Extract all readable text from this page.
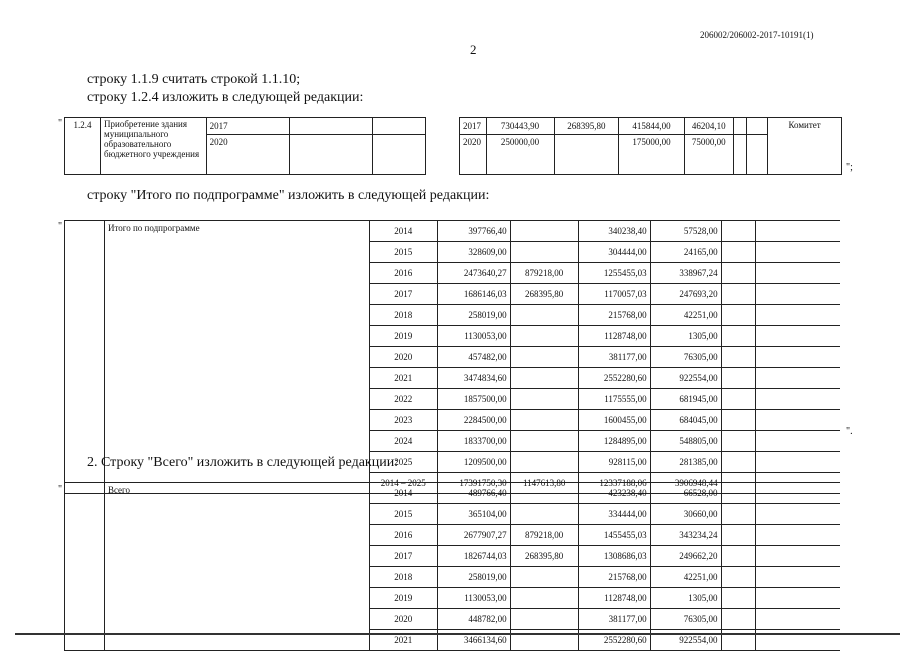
206002/206002-2017-10191(1)
2
строку 1.1.9 считать строкой 1.1.10;
строку 1.2.4 изложить в следующей редакции:
" 1.2.4	Приобретение здания муниципального образовательного бюджетного учреждения	2017				2017	730443,90	268395,80	415844,00	46204,10			Комитет
		2020				2020	250000,00		175000,00	75000,00			
";
строку "Итого по подпрограмме" изложить в следующей редакции:
"
		Итого по подпрограмме	2014	397766,40		340238,40	57528,00		
		2015	328609,00		304444,00	24165,00		
		2016	2473640,27	879218,00	1255455,03	338967,24		
		2017	1686146,03	268395,80	1170057,03	247693,20		
		2018	258019,00		215768,00	42251,00		
		2019	1130053,00		1128748,00	1305,00		
		2020	457482,00		381177,00	76305,00		
		2021	3474834,60		2552280,60	922554,00		
		2022	1857500,00		1175555,00	681945,00		
		2023	2284500,00		1600455,00	684045,00		
		2024	1833700,00		1284895,00	548805,00		
		2025	1209500,00		928115,00	281385,00		
		2014 – 2025	17391750,30	1147613,80	12337188,06	3906948,44		
".
2. Строку "Всего" изложить в следующей редакции:
"
		Всего	2014	489766,40		423238,40	66528,00		
		2015	365104,00		334444,00	30660,00		
		2016	2677907,27	879218,00	1455455,03	343234,24		
		2017	1826744,03	268395,80	1308686,03	249662,20		
		2018	258019,00		215768,00	42251,00		
		2019	1130053,00		1128748,00	1305,00		
		2020	448782,00		381177,00	76305,00		
		2021	3466134,60		2552280,60	922554,00		
